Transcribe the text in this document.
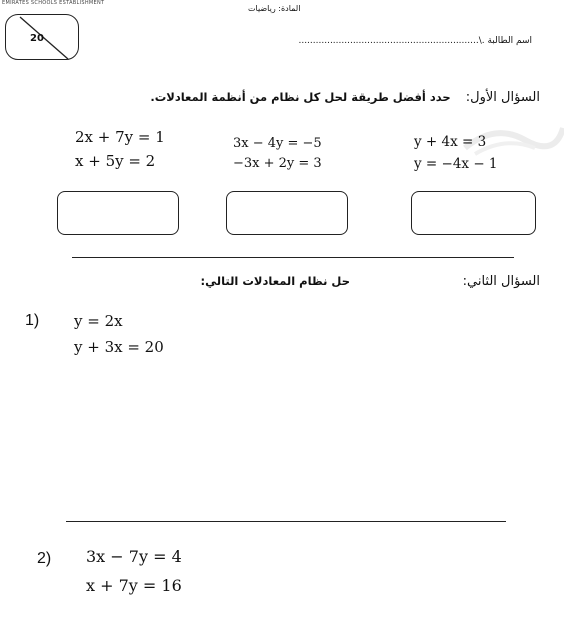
EMIRATES SCHOOLS ESTABLISHMENT
المادة: رياضيات
20	اسم الطالبة .\...............................................................
السؤال الأول: حدد أفضل طريقة لحل كل نظام من أنظمة المعادلات.
2x + 7y = 1
x + 5y = 2
3x − 4y = −5
−3x + 2y = 3
y + 4x = 3
y = −4x − 1
السؤال الثاني:
حل نظام المعادلات التالي:
1) y = 2x
y + 3x = 20
2) 3x − 7y = 4
x + 7y = 16
